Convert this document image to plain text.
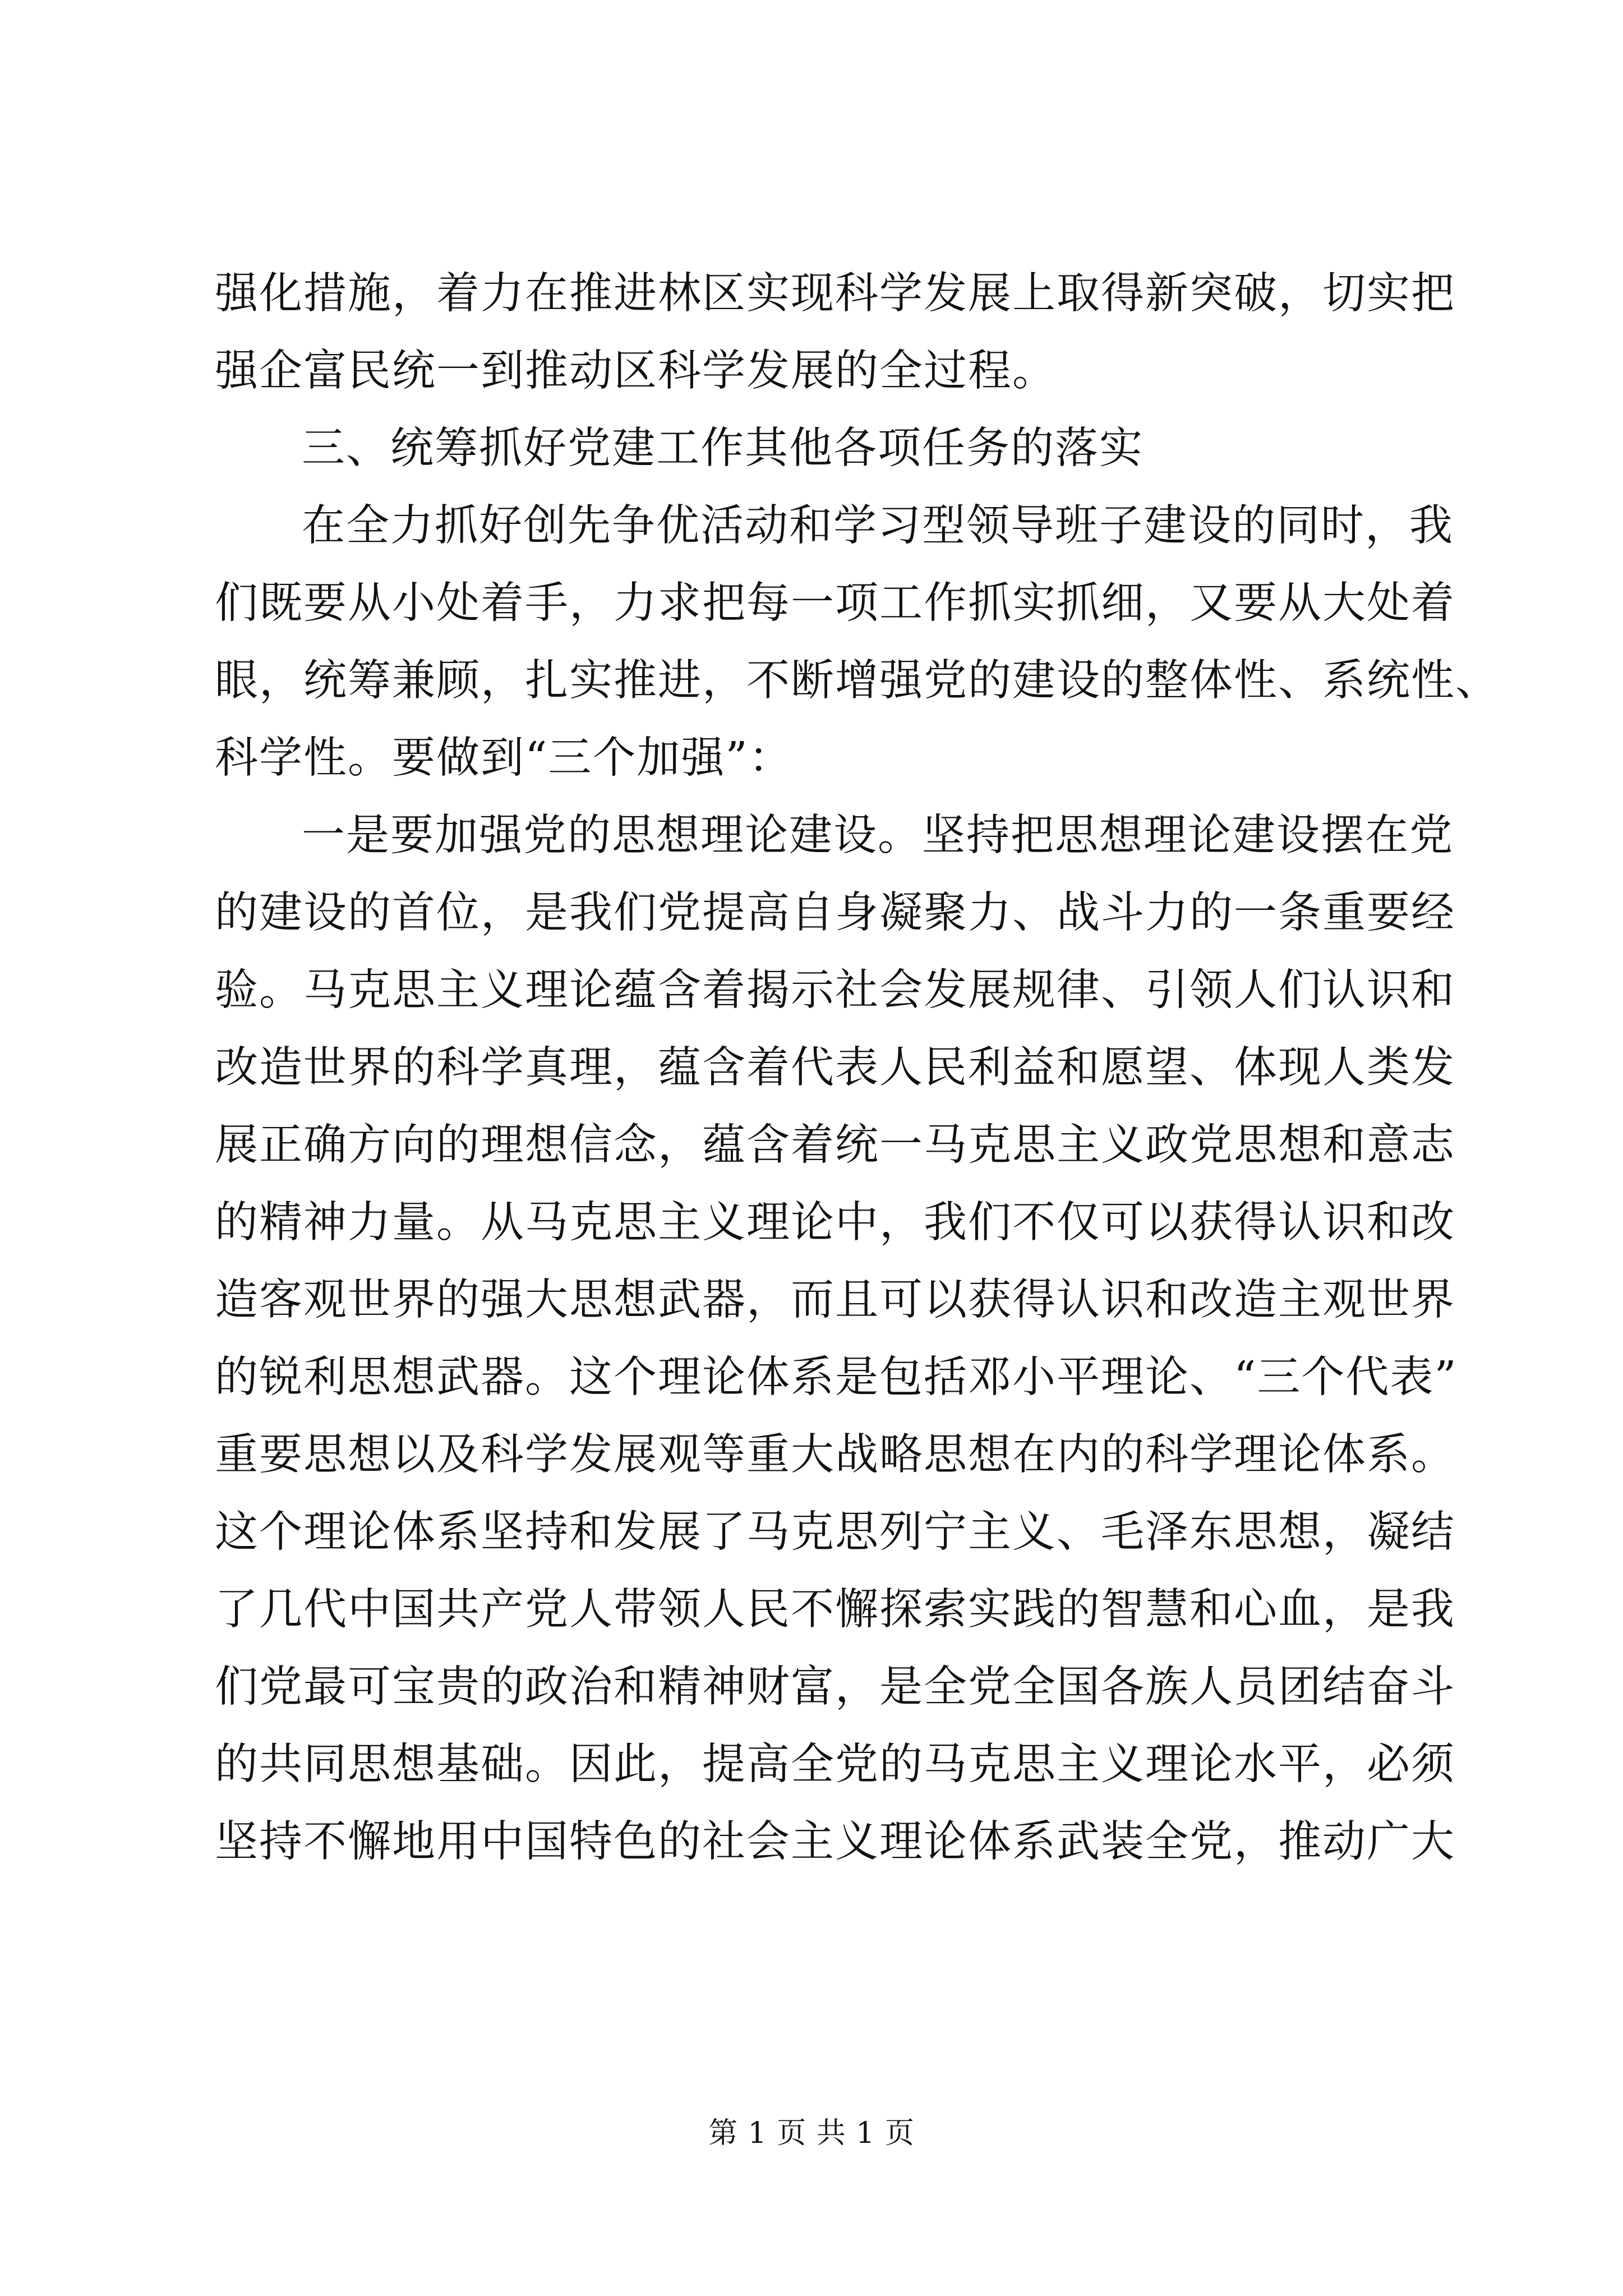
强化措施，着力在推进林区实现科学发展上取得新突破，切实把
强企富民统一到推动区科学发展的全过程。
三、统筹抓好党建工作其他各项任务的落实
在全力抓好创先争优活动和学习型领导班子建设的同时，我
们既要从小处着手，力求把每一项工作抓实抓细，又要从大处着
眼，统筹兼顾，扎实推进，不断增强党的建设的整体性、系统性、
科学性。要做到“三个加强”：
一是要加强党的思想理论建设。坚持把思想理论建设摆在党
的建设的首位，是我们党提高自身凝聚力、战斗力的一条重要经
验。马克思主义理论蕴含着揭示社会发展规律、引领人们认识和
改造世界的科学真理，蕴含着代表人民利益和愿望、体现人类发
展正确方向的理想信念，蕴含着统一马克思主义政党思想和意志
的精神力量。从马克思主义理论中，我们不仅可以获得认识和改
造客观世界的强大思想武器，而且可以获得认识和改造主观世界
的锐利思想武器。这个理论体系是包括邓小平理论、“三个代表”
重要思想以及科学发展观等重大战略思想在内的科学理论体系。
这个理论体系坚持和发展了马克思列宁主义、毛泽东思想，凝结
了几代中国共产党人带领人民不懈探索实践的智慧和心血，是我
们党最可宝贵的政治和精神财富，是全党全国各族人员团结奋斗
的共同思想基础。因此，提高全党的马克思主义理论水平，必须
坚持不懈地用中国特色的社会主义理论体系武装全党，推动广大
第 1 页 共 1 页
